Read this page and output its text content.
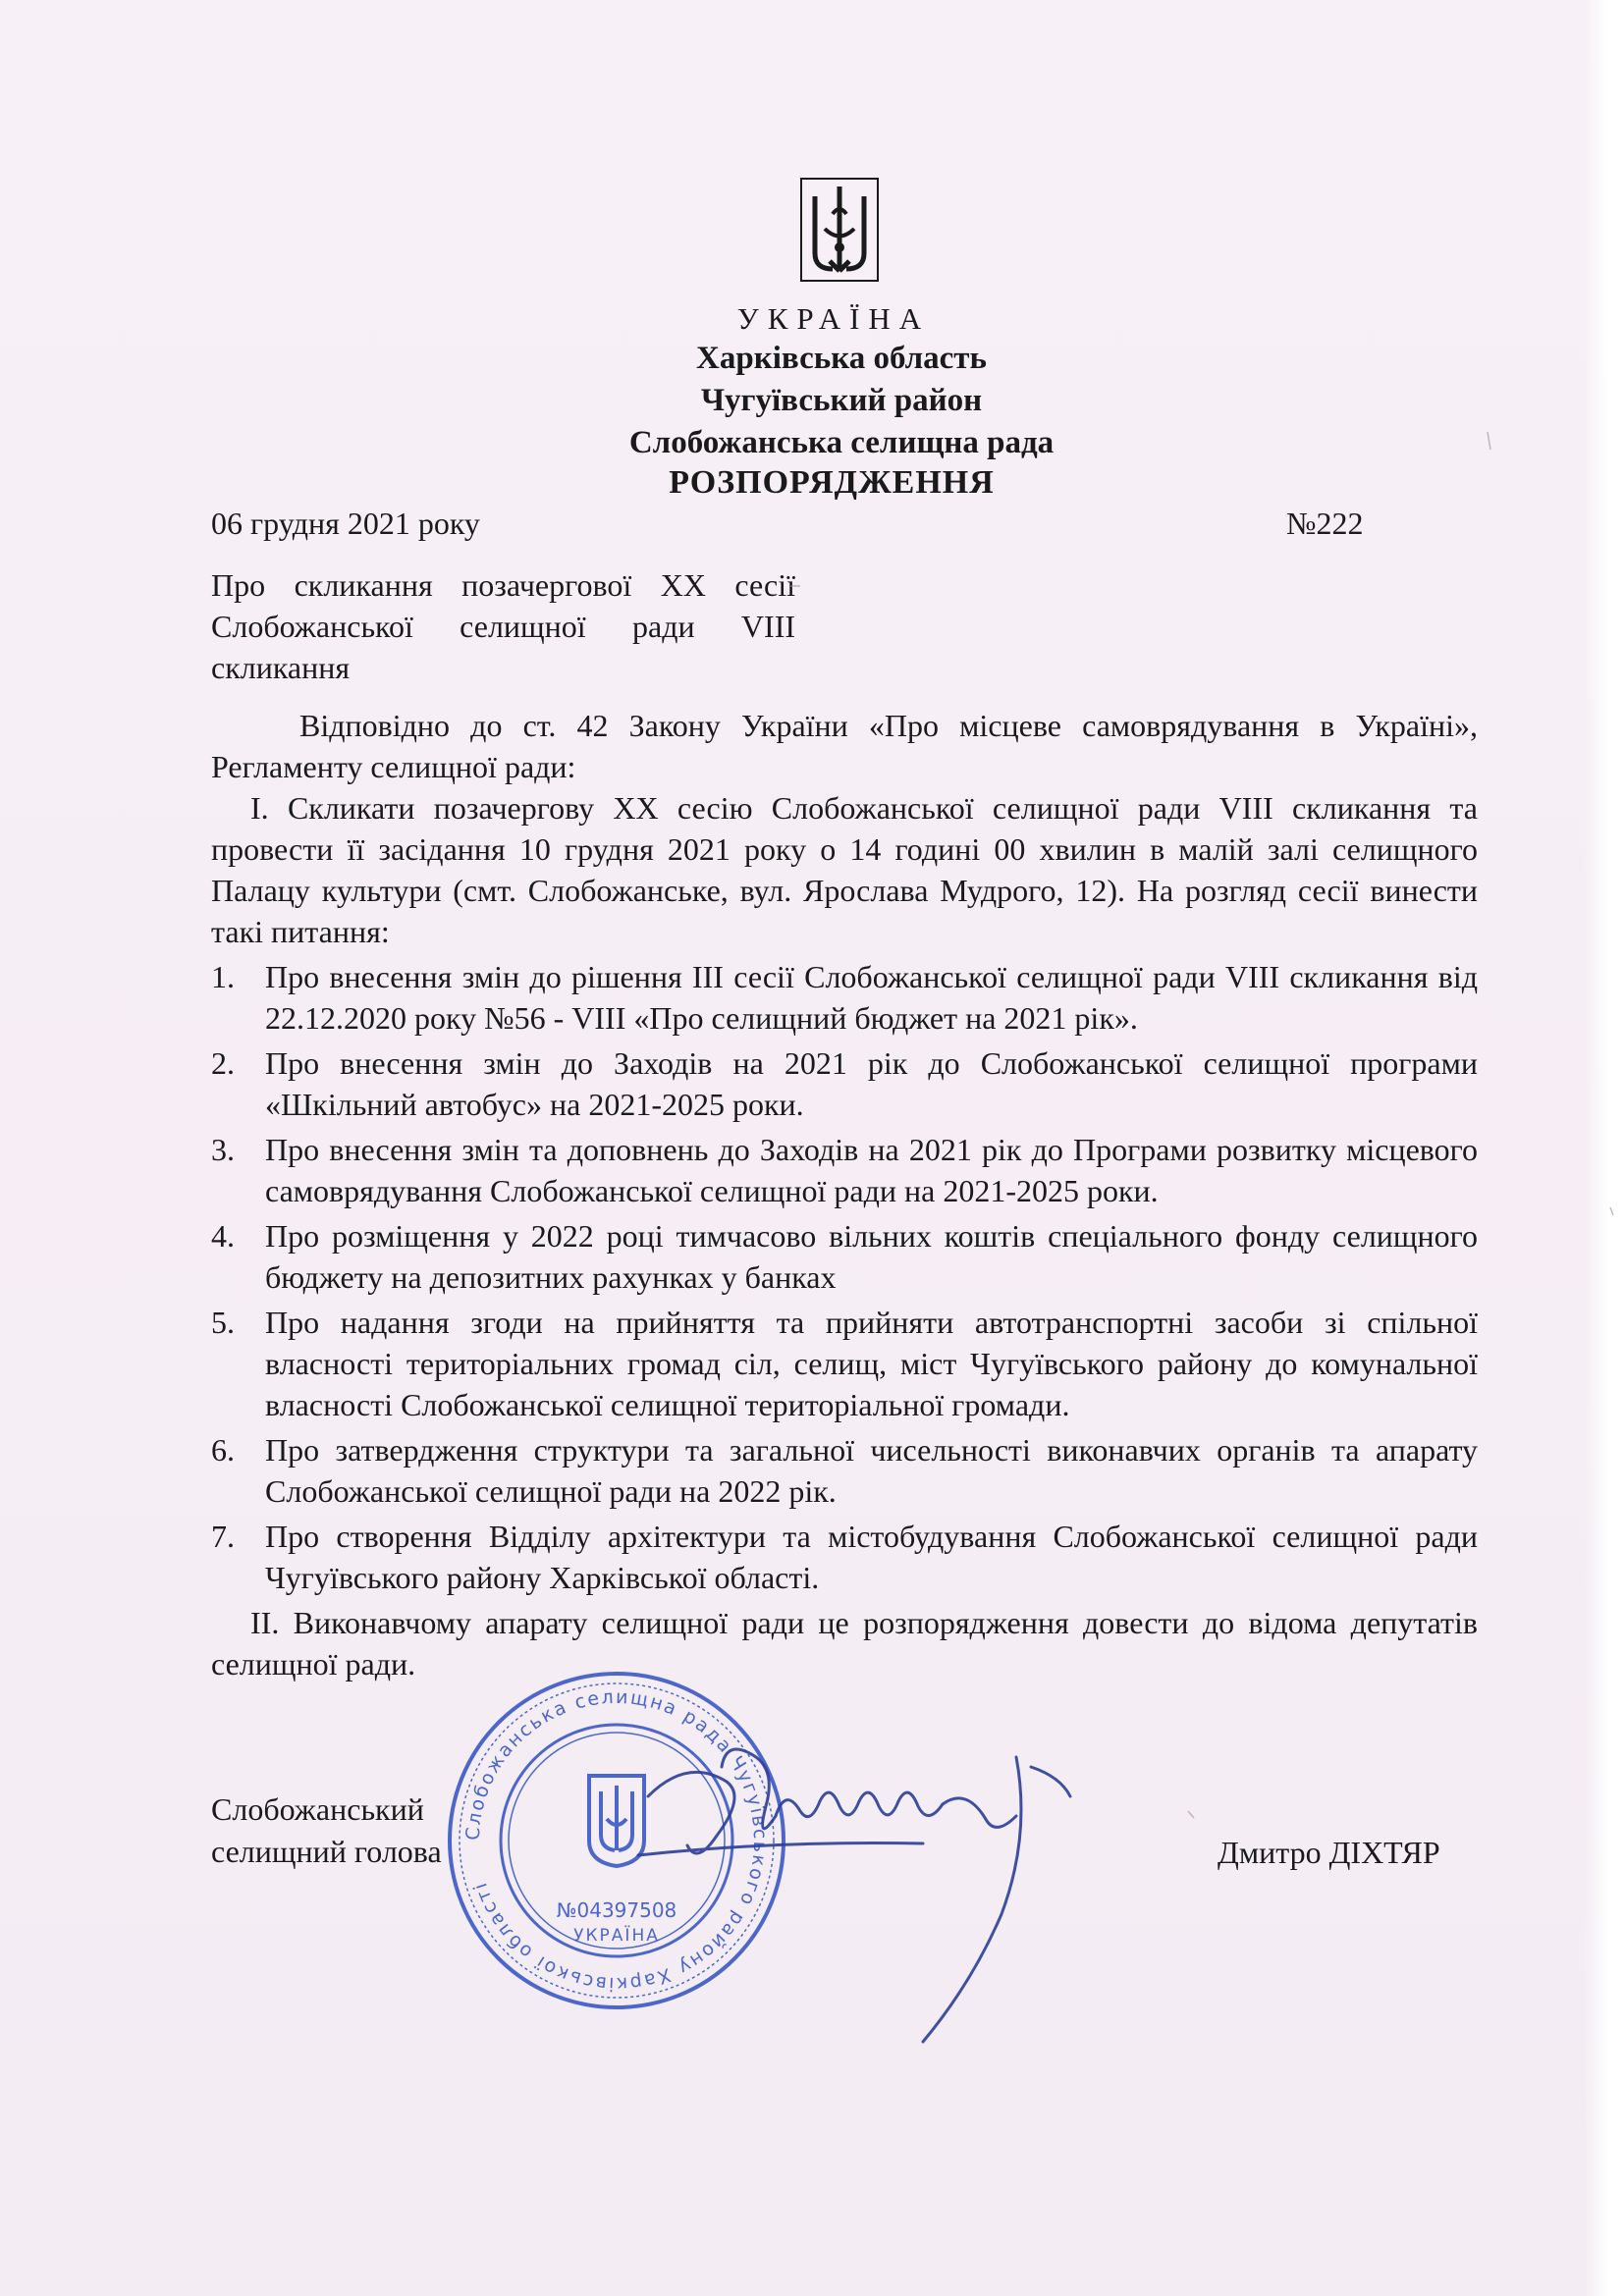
УКРАЇНА
Харківська область
Чугуївський район
Слобожанська селищна рада
РОЗПОРЯДЖЕННЯ
06 грудня 2021 року	№222
Про скликання позачергової ХХ сесії Слобожанської селищної ради VIII скликання

Відповідно до ст. 42 Закону України «Про місцеве самоврядування в Україні», Регламенту селищної ради:

I. Скликати позачергову ХХ сесію Слобожанської селищної ради VIII скликання та провести її засідання 10 грудня 2021 року о 14 годині 00 хвилин в малій залі селищного Палацу культури (смт. Слобожанське, вул. Ярослава Мудрого, 12). На розгляд сесії винести такі питання:

1. Про внесення змін до рішення III сесії Слобожанської селищної ради VIII скликання від 22.12.2020 року №56 - VIII «Про селищний бюджет на 2021 рік».
2. Про внесення змін до Заходів на 2021 рік до Слобожанської селищної програми «Шкільний автобус» на 2021-2025 роки.
3. Про внесення змін та доповнень до Заходів на 2021 рік до Програми розвитку місцевого самоврядування Слобожанської селищної ради на 2021-2025 роки.
4. Про розміщення у 2022 році тимчасово вільних коштів спеціального фонду селищного бюджету на депозитних рахунках у банках
5. Про надання згоди на прийняття та прийняти автотранспортні засоби зі спільної власності територіальних громад сіл, селищ, міст Чугуївського району до комунальної власності Слобожанської селищної територіальної громади.
6. Про затвердження структури та загальної чисельності виконавчих органів та апарату Слобожанської селищної ради на 2022 рік.
7. Про створення Відділу архітектури та містобудування Слобожанської селищної ради Чугуївського району Харківської області.

II. Виконавчому апарату селищної ради це розпорядження довести до відома депутатів селищної ради.

Слобожанський
селищний голова	Дмитро ДІХТЯР
Слобожанська селищна рада Чугуївського району Харківської області
№04397508
УКРАЇНА
